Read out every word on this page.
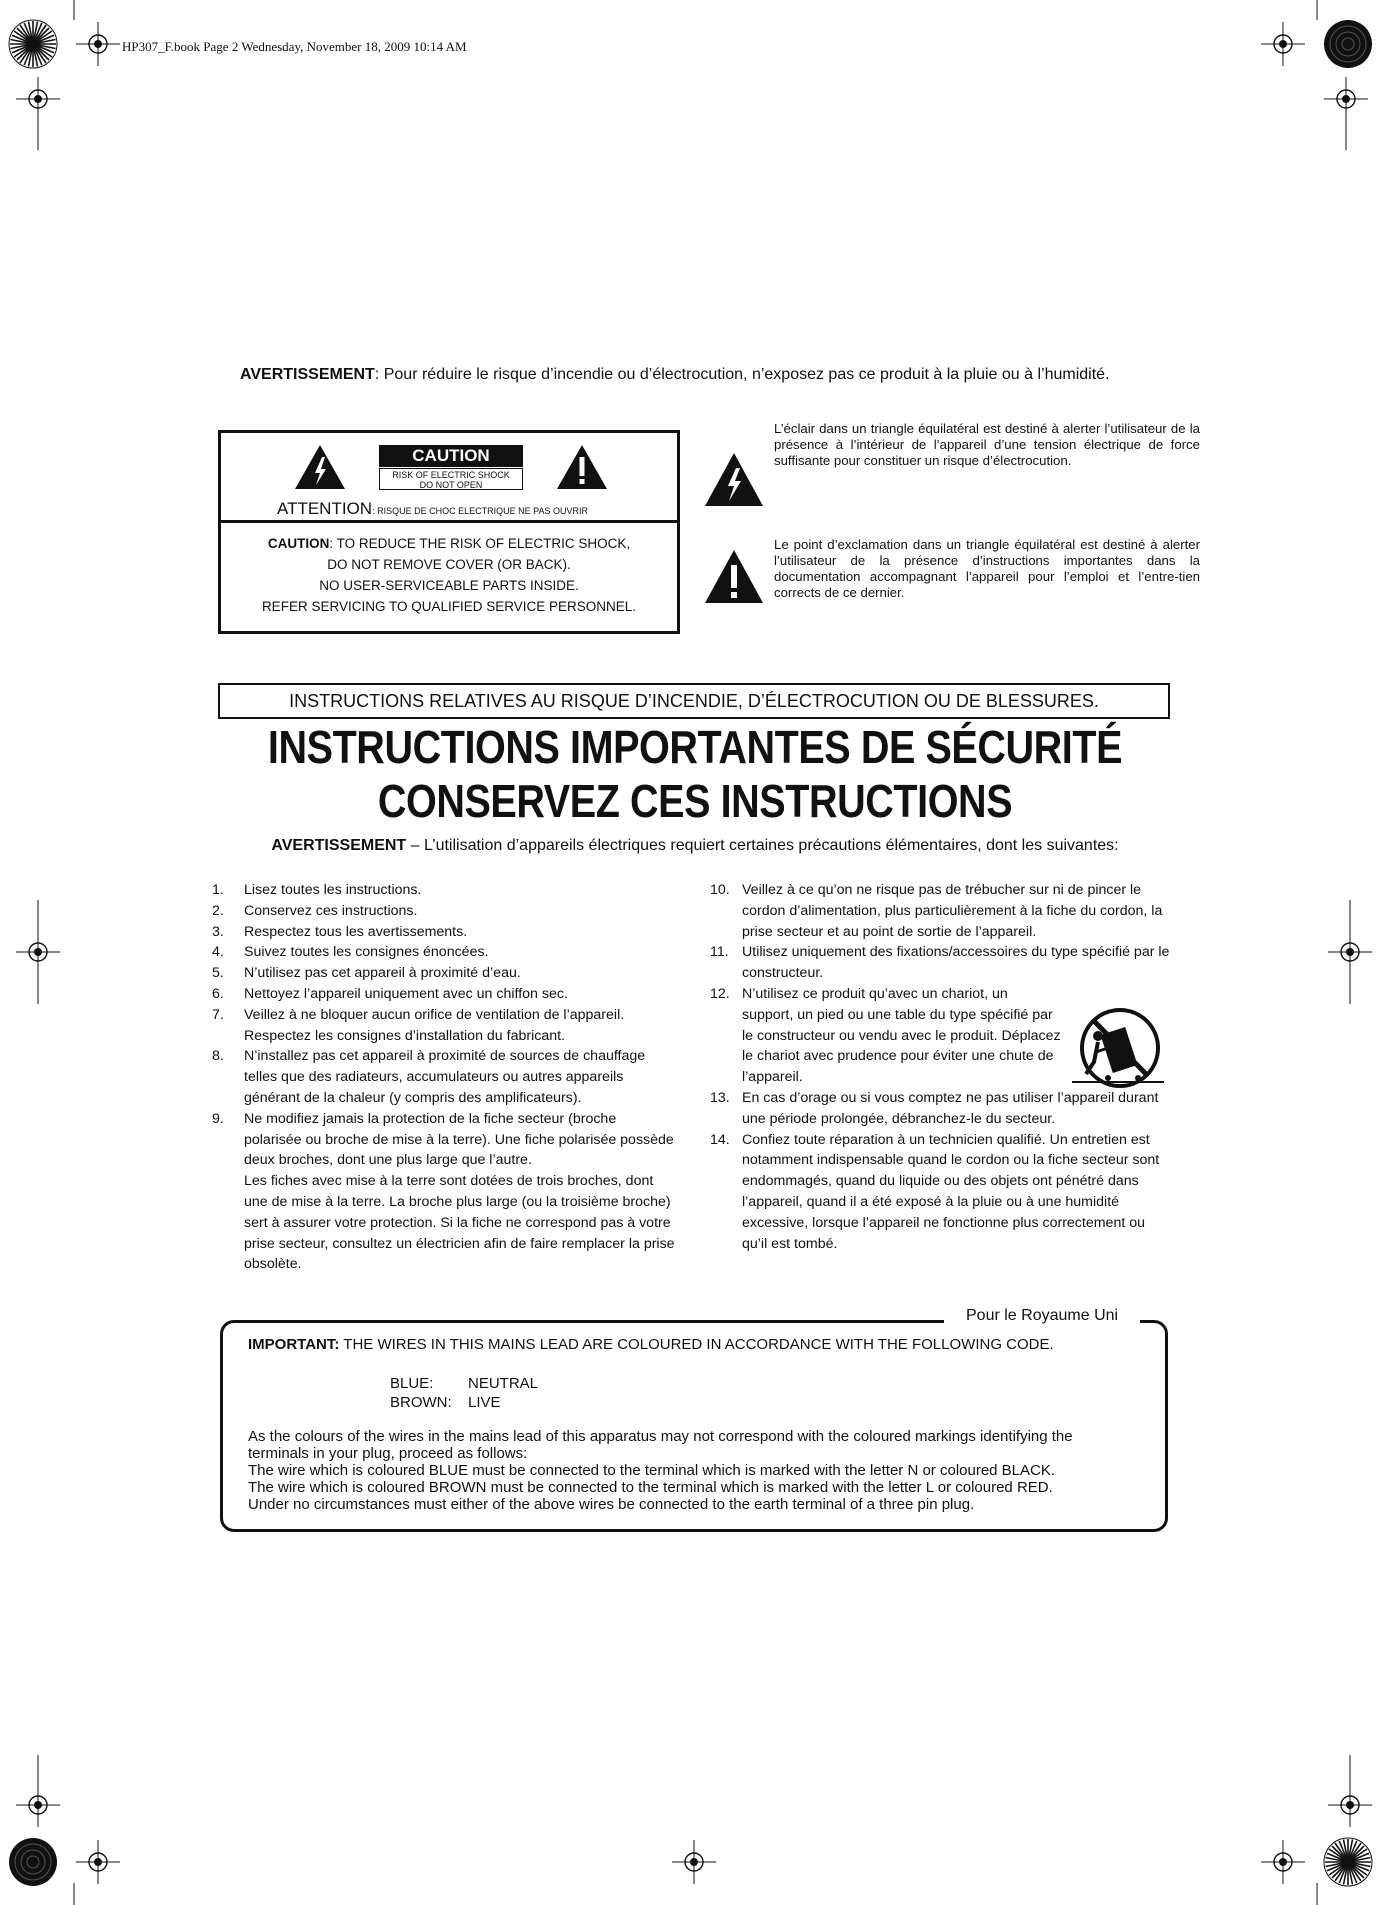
HP307_F.book Page 2 Wednesday, November 18, 2009 10:14 AM
AVERTISSEMENT: Pour réduire le risque d’incendie ou d’électrocution, n’exposez pas ce produit à la pluie ou à l’humidité.
CAUTION
RISK OF ELECTRIC SHOCK
DO NOT OPEN
ATTENTION: RISQUE DE CHOC ELECTRIQUE NE PAS OUVRIR
CAUTION: TO REDUCE THE RISK OF ELECTRIC SHOCK,
DO NOT REMOVE COVER (OR BACK).
NO USER-SERVICEABLE PARTS INSIDE.
REFER SERVICING TO QUALIFIED SERVICE PERSONNEL.
L’éclair dans un triangle équilatéral est destiné à alerter l’utilisateur de la présence à l’intérieur de l’appareil d’une tension électrique de force suffisante pour constituer un risque d’électrocution.
Le point d’exclamation dans un triangle équilatéral est destiné à alerter l’utilisateur de la présence d’instructions importantes dans la documentation accompagnant l’appareil pour l’emploi et l’entre-tien corrects de ce dernier.
INSTRUCTIONS RELATIVES AU RISQUE D’INCENDIE, D’ÉLECTROCUTION OU DE BLESSURES.
INSTRUCTIONS IMPORTANTES DE SÉCURITÉ
CONSERVEZ CES INSTRUCTIONS
AVERTISSEMENT – L’utilisation d’appareils électriques requiert certaines précautions élémentaires, dont les suivantes:
1. Lisez toutes les instructions.
2. Conservez ces instructions.
3. Respectez tous les avertissements.
4. Suivez toutes les consignes énoncées.
5. N’utilisez pas cet appareil à proximité d’eau.
6. Nettoyez l’appareil uniquement avec un chiffon sec.
7. Veillez à ne bloquer aucun orifice de ventilation de l’appareil. Respectez les consignes d’installation du fabricant.
8. N’installez pas cet appareil à proximité de sources de chauffage telles que des radiateurs, accumulateurs ou autres appareils générant de la chaleur (y compris des amplificateurs).
9. Ne modifiez jamais la protection de la fiche secteur (broche polarisée ou broche de mise à la terre). Une fiche polarisée possède deux broches, dont une plus large que l’autre.
Les fiches avec mise à la terre sont dotées de trois broches, dont une de mise à la terre. La broche plus large (ou la troisième broche) sert à assurer votre protection. Si la fiche ne correspond pas à votre prise secteur, consultez un électricien afin de faire remplacer la prise obsolète.
10. Veillez à ce qu’on ne risque pas de trébucher sur ni de pincer le cordon d’alimentation, plus particulièrement à la fiche du cordon, la prise secteur et au point de sortie de l’appareil.
11. Utilisez uniquement des fixations/accessoires du type spécifié par le constructeur.
12. N’utilisez ce produit qu’avec un chariot, un support, un pied ou une table du type spécifié par le constructeur ou vendu avec le produit. Déplacez le chariot avec prudence pour éviter une chute de l’appareil.
13. En cas d’orage ou si vous comptez ne pas utiliser l’appareil durant une période prolongée, débranchez-le du secteur.
14. Confiez toute réparation à un technicien qualifié. Un entretien est notamment indispensable quand le cordon ou la fiche secteur sont endommagés, quand du liquide ou des objets ont pénétré dans l’appareil, quand il a été exposé à la pluie ou à une humidité excessive, lorsque l’appareil ne fonctionne plus correctement ou qu’il est tombé.
Pour le Royaume Uni
IMPORTANT: THE WIRES IN THIS MAINS LEAD ARE COLOURED IN ACCORDANCE WITH THE FOLLOWING CODE.
BLUE: NEUTRAL
BROWN: LIVE
As the colours of the wires in the mains lead of this apparatus may not correspond with the coloured markings identifying the terminals in your plug, proceed as follows:
The wire which is coloured BLUE must be connected to the terminal which is marked with the letter N or coloured BLACK.
The wire which is coloured BROWN must be connected to the terminal which is marked with the letter L or coloured RED.
Under no circumstances must either of the above wires be connected to the earth terminal of a three pin plug.
